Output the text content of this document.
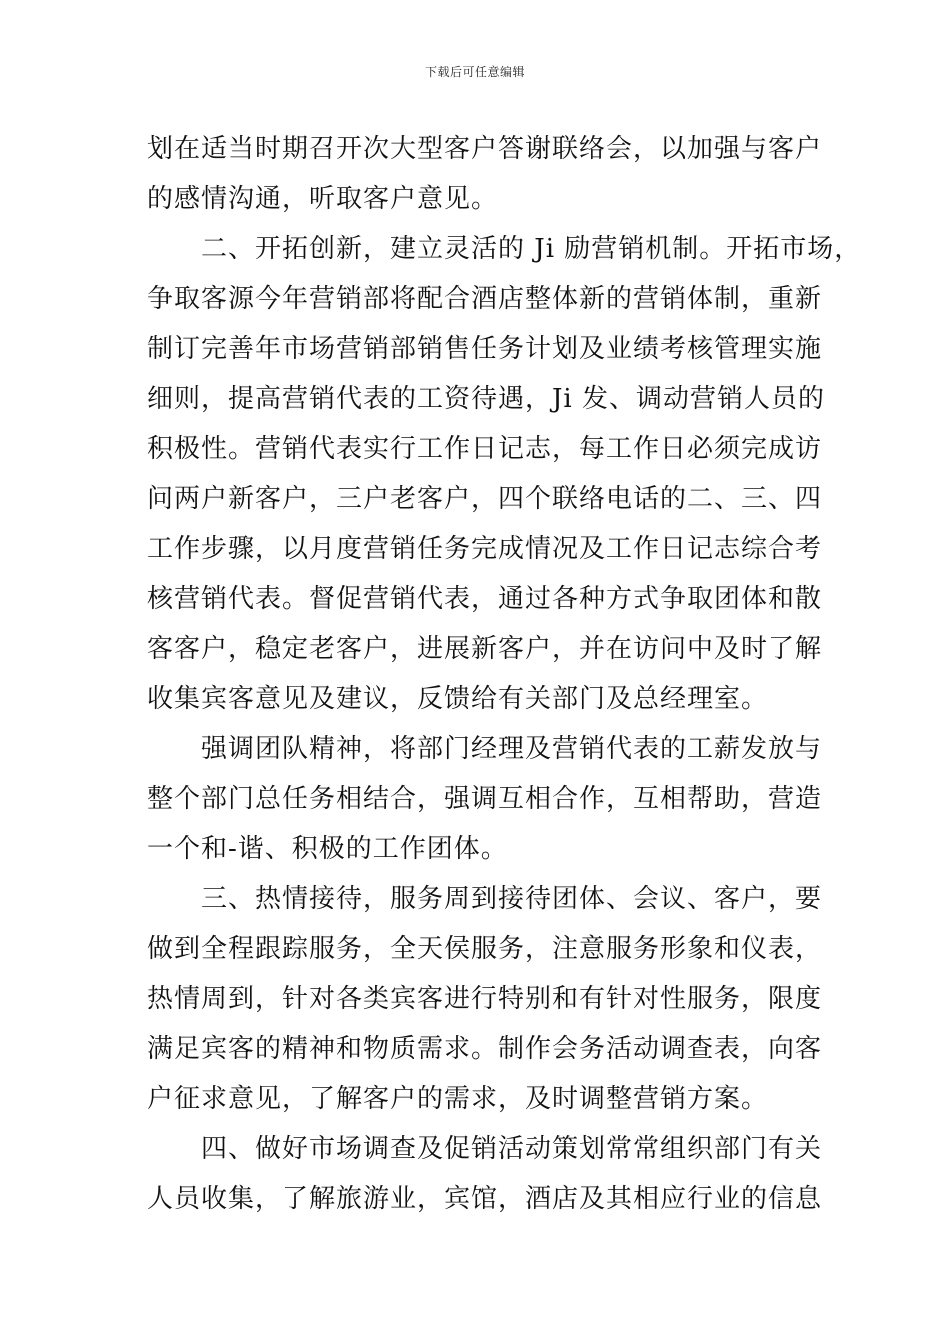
下载后可任意编辑
划在适当时期召开次大型客户答谢联络会，以加强与客户
的感情沟通，听取客户意见。
二、开拓创新，建立灵活的 Ji 励营销机制。开拓市场，
争取客源今年营销部将配合酒店整体新的营销体制，重新
制订完善年市场营销部销售任务计划及业绩考核管理实施
细则，提高营销代表的工资待遇，Ji 发、调动营销人员的
积极性。营销代表实行工作日记志，每工作日必须完成访
问两户新客户，三户老客户，四个联络电话的二、三、四
工作步骤，以月度营销任务完成情况及工作日记志综合考
核营销代表。督促营销代表，通过各种方式争取团体和散
客客户，稳定老客户，进展新客户，并在访问中及时了解
收集宾客意见及建议，反馈给有关部门及总经理室。
强调团队精神，将部门经理及营销代表的工薪发放与
整个部门总任务相结合，强调互相合作，互相帮助，营造
一个和-谐、积极的工作团体。
三、热情接待，服务周到接待团体、会议、客户，要
做到全程跟踪服务，全天侯服务，注意服务形象和仪表，
热情周到，针对各类宾客进行特别和有针对性服务，限度
满足宾客的精神和物质需求。制作会务活动调查表，向客
户征求意见，了解客户的需求，及时调整营销方案。
四、做好市场调查及促销活动策划常常组织部门有关
人员收集，了解旅游业，宾馆，酒店及其相应行业的信息
